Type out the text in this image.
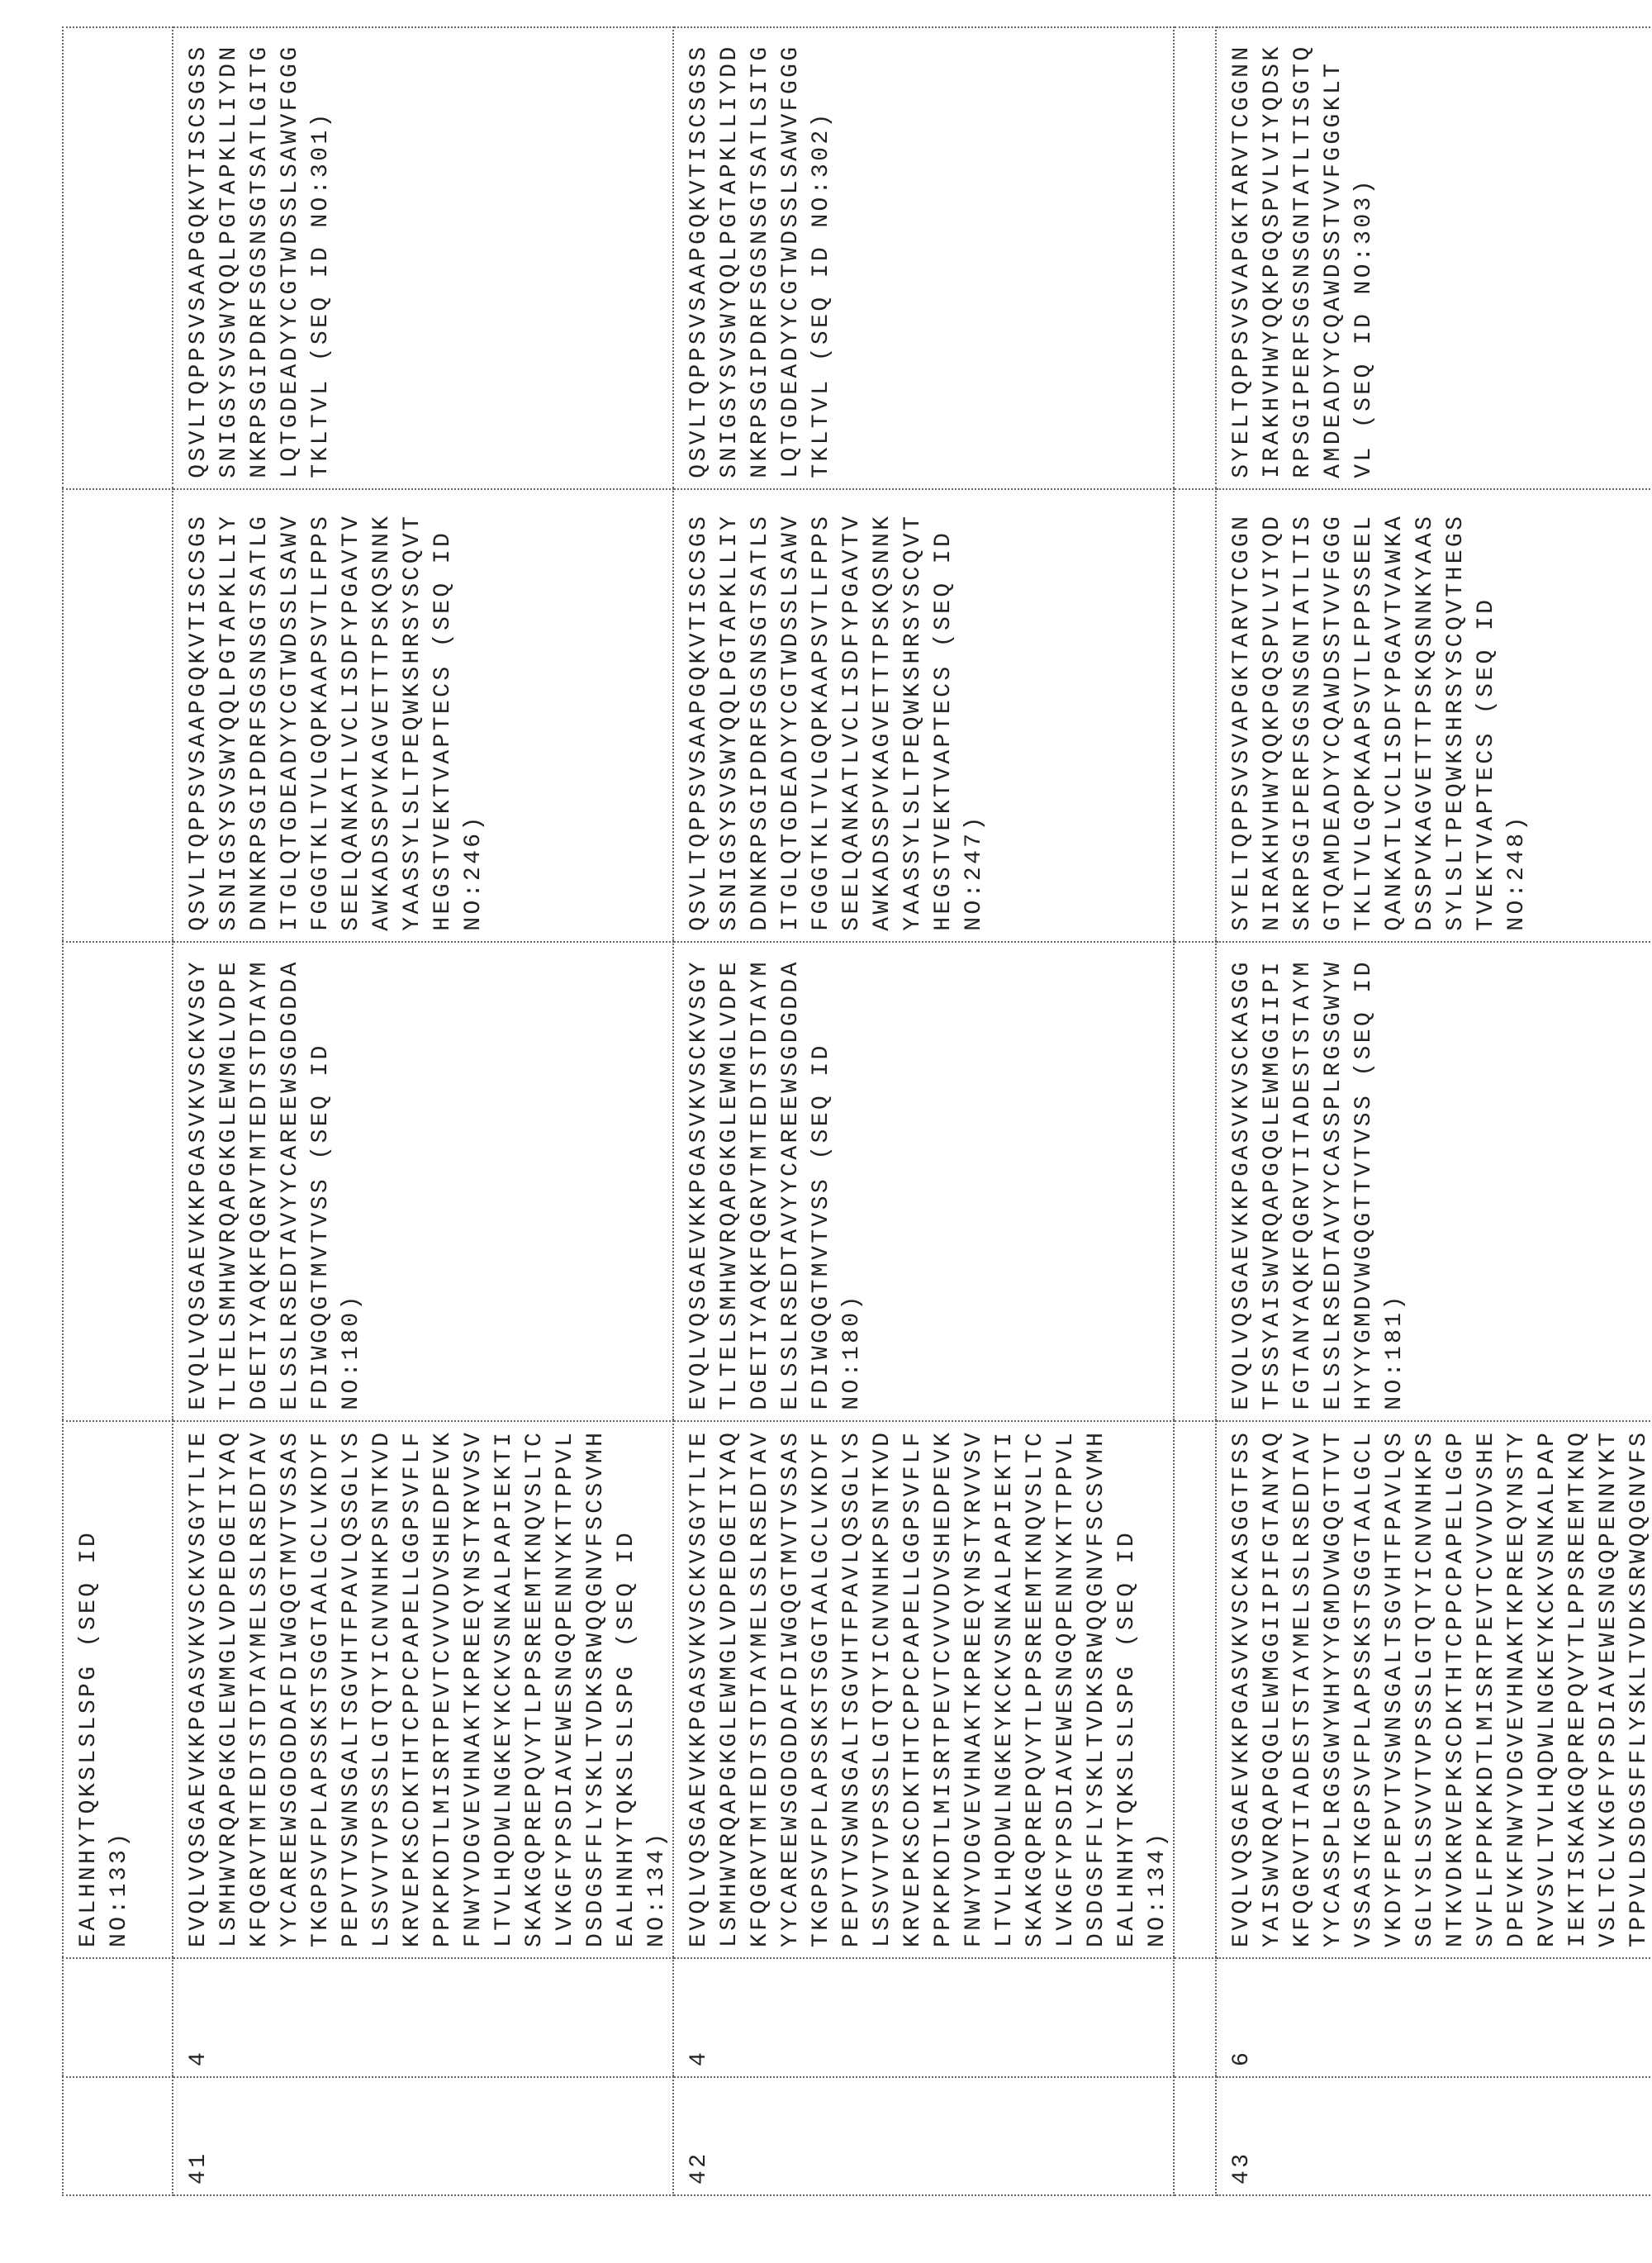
		EALHNHYTQKSLSLSPG (SEQ ID
NO:133)			
41	4	EVQLVQSGAEVKKPGASVKVSCKVSGYTLTE
LSMHWVRQAPGKGLEWMGLVDPEDGETIYAQ
KFQGRVTMTEDTSTDTAYMELSSLRSEDTAV
YYCAREEWSGDGDDAFDIWGQGTMVTVSSAS
TKGPSVFPLAPSSKSTSGGTAALGCLVKDYF
PEPVTVSWNSGALTSGVHTFPAVLQSSGLYS
LSSVVTVPSSSLGTQTYICNVNHKPSNTKVD
KRVEPKSCDKTHTCPPCPAPELLGGPSVFLF
PPKPKDTLMISRTPEVTCVVVDVSHEDPEVK
FNWYVDGVEVHNAKTKPREEQYNSTYRVVSV
LTVLHQDWLNGKEYKCKVSNKALPAPIEKTI
SKAKGQPREPQVYTLPPSREEMTKNQVSLTC
LVKGFYPSDIAVEWESNGQPENNYKTTPPVL
DSDGSFFLYSKLTVDKSRWQQGNVFSCSVMH
EALHNHYTQKSLSLSPG (SEQ ID
NO:134)	EVQLVQSGAEVKKPGASVKVSCKVSGY
TLTELSMHWVRQAPGKGLEWMGLVDPE
DGETIYAQKFQGRVTMTEDTSTDTAYM
ELSSLRSEDTAVYYCAREEWSGDGDDA
FDIWGQGTMVTVSS (SEQ ID
NO:180)	QSVLTQPPSVSAAPGQKVTISCSGS
SSNIGSYSVSWYQQLPGTAPKLLIY
DNNKRPSGIPDRFSGSNSGTSATLG
ITGLQTGDEADYYCGTWDSSLSAWV
FGGGTKLTVLGQPKAAPSVTLFPPS
SEELQANKATLVCLISDFYPGAVTV
AWKADSSPVKAGVETTTPSKQSNNK
YAASSYLSLTPEQWKSHRSYSCQVT
HEGSTVEKTVAPTECS (SEQ ID
NO:246)	QSVLTQPPSVSAAPGQKVTISCSGSS
SNIGSYSVSWYQQLPGTAPKLLIYDN
NKRPSGIPDRFSGSNSGTSATLGITG
LQTGDEADYYCGTWDSSLSAWVFGGG
TKLTVL (SEQ ID NO:301)
42	4	EVQLVQSGAEVKKPGASVKVSCKVSGYTLTE
LSMHWVRQAPGKGLEWMGLVDPEDGETIYAQ
KFQGRVTMTEDTSTDTAYMELSSLRSEDTAV
YYCAREEWSGDGDDAFDIWGQGTMVTVSSAS
TKGPSVFPLAPSSKSTSGGTAALGCLVKDYF
PEPVTVSWNSGALTSGVHTFPAVLQSSGLYS
LSSVVTVPSSSLGTQTYICNVNHKPSNTKVD
KRVEPKSCDKTHTCPPCPAPELLGGPSVFLF
PPKPKDTLMISRTPEVTCVVVDVSHEDPEVK
FNWYVDGVEVHNAKTKPREEQYNSTYRVVSV
LTVLHQDWLNGKEYKCKVSNKALPAPIEKTI
SKAKGQPREPQVYTLPPSREEMTKNQVSLTC
LVKGFYPSDIAVEWESNGQPENNYKTTPPVL
DSDGSFFLYSKLTVDKSRWQQGNVFSCSVMH
EALHNHYTQKSLSLSPG (SEQ ID
NO:134)	EVQLVQSGAEVKKPGASVKVSCKVSGY
TLTELSMHWVRQAPGKGLEWMGLVDPE
DGETIYAQKFQGRVTMTEDTSTDTAYM
ELSSLRSEDTAVYYCAREEWSGDGDDA
FDIWGQGTMVTVSS (SEQ ID
NO:180)	QSVLTQPPSVSAAPGQKVTISCSGS
SSNIGSYSVSWYQQLPGTAPKLLIY
DDNKRPSGIPDRFSGSNSGTSATLS
ITGLQTGDEADYYCGTWDSSLSAWV
FGGGTKLTVLGQPKAAPSVTLFPPS
SEELQANKATLVCLISDFYPGAVTV
AWKADSSPVKAGVETTTPSKQSNNK
YAASSYLSLTPEQWKSHRSYSCQVT
HEGSTVEKTVAPTECS (SEQ ID
NO:247)	QSVLTQPPSVSAAPGQKVTISCSGSS
SNIGSYSVSWYQQLPGTAPKLLIYDD
NKRPSGIPDRFSGSNSGTSATLSITG
LQTGDEADYYCGTWDSSLSAWVFGGG
TKLTVL (SEQ ID NO:302)

43	6	EVQLVQSGAEVKKPGASVKVSCKASGGTFSS
YAISWVRQAPGQGLEWMGGIIPIFGTANYAQ
KFQGRVTITADESTSTAYMELSSLRSEDTAV
YYCASSPLRGSGWYWHYYYGMDVWGQGTTVT
VSSASTKGPSVFPLAPSSKSTSGGTAALGCL
VKDYFPEPVTVSWNSGALTSGVHTFPAVLQS
SGLYSLSSVVTVPSSSLGTQTYICNVNHKPS
NTKVDKRVEPKSCDKTHTCPPCPAPELLGGP
SVFLFPPKPKDTLMISRTPEVTCVVVDVSHE
DPEVKFNWYVDGVEVHNAKTKPREEQYNSTY
RVVSVLTVLHQDWLNGKEYKCKVSNKALPAP
IEKTISKAKGQPREPQVYTLPPSREEMTKNQ
VSLTCLVKGFYPSDIAVEWESNGQPENNYKT
TPPVLDSDGSFFLYSKLTVDKSRWQQGNVFS	EVQLVQSGAEVKKPGASVKVSCKASGG
TFSSYAISWVRQAPGQGLEWMGGIIPI
FGTANYAQKFQGRVTITADESTSTAYM
ELSSLRSEDTAVYYCASSPLRGSGWYW
HYYYGMDVWGQGTTVTVSS (SEQ ID
NO:181)	SYELTQPPSVSVAPGKTARVTCGGN
NIRAKHVHWYQQKPGQSPVLVIYQD
SKRPSGIPERFSGSNSGNTATLTIS
GTQAMDEADYYCQAWDSSTVVFGGG
TKLTVLGQPKAAPSVTLFPPSSEEL
QANKATLVCLISDFYPGAVTVAWKA
DSSPVKAGVETTTPSKQSNNKYAAS
SYLSLTPEQWKSHRSYSCQVTHEGS
TVEKTVAPTECS (SEQ ID
NO:248)	SYELTQPPSVSVAPGKTARVTCGGNN
IRAKHVHWYQQKPGQSPVLVIYQDSK
RPSGIPERFSGSNSGNTATLTISGTQ
AMDEADYYCQAWDSSTVVFGGGKLT
VL (SEQ ID NO:303)
